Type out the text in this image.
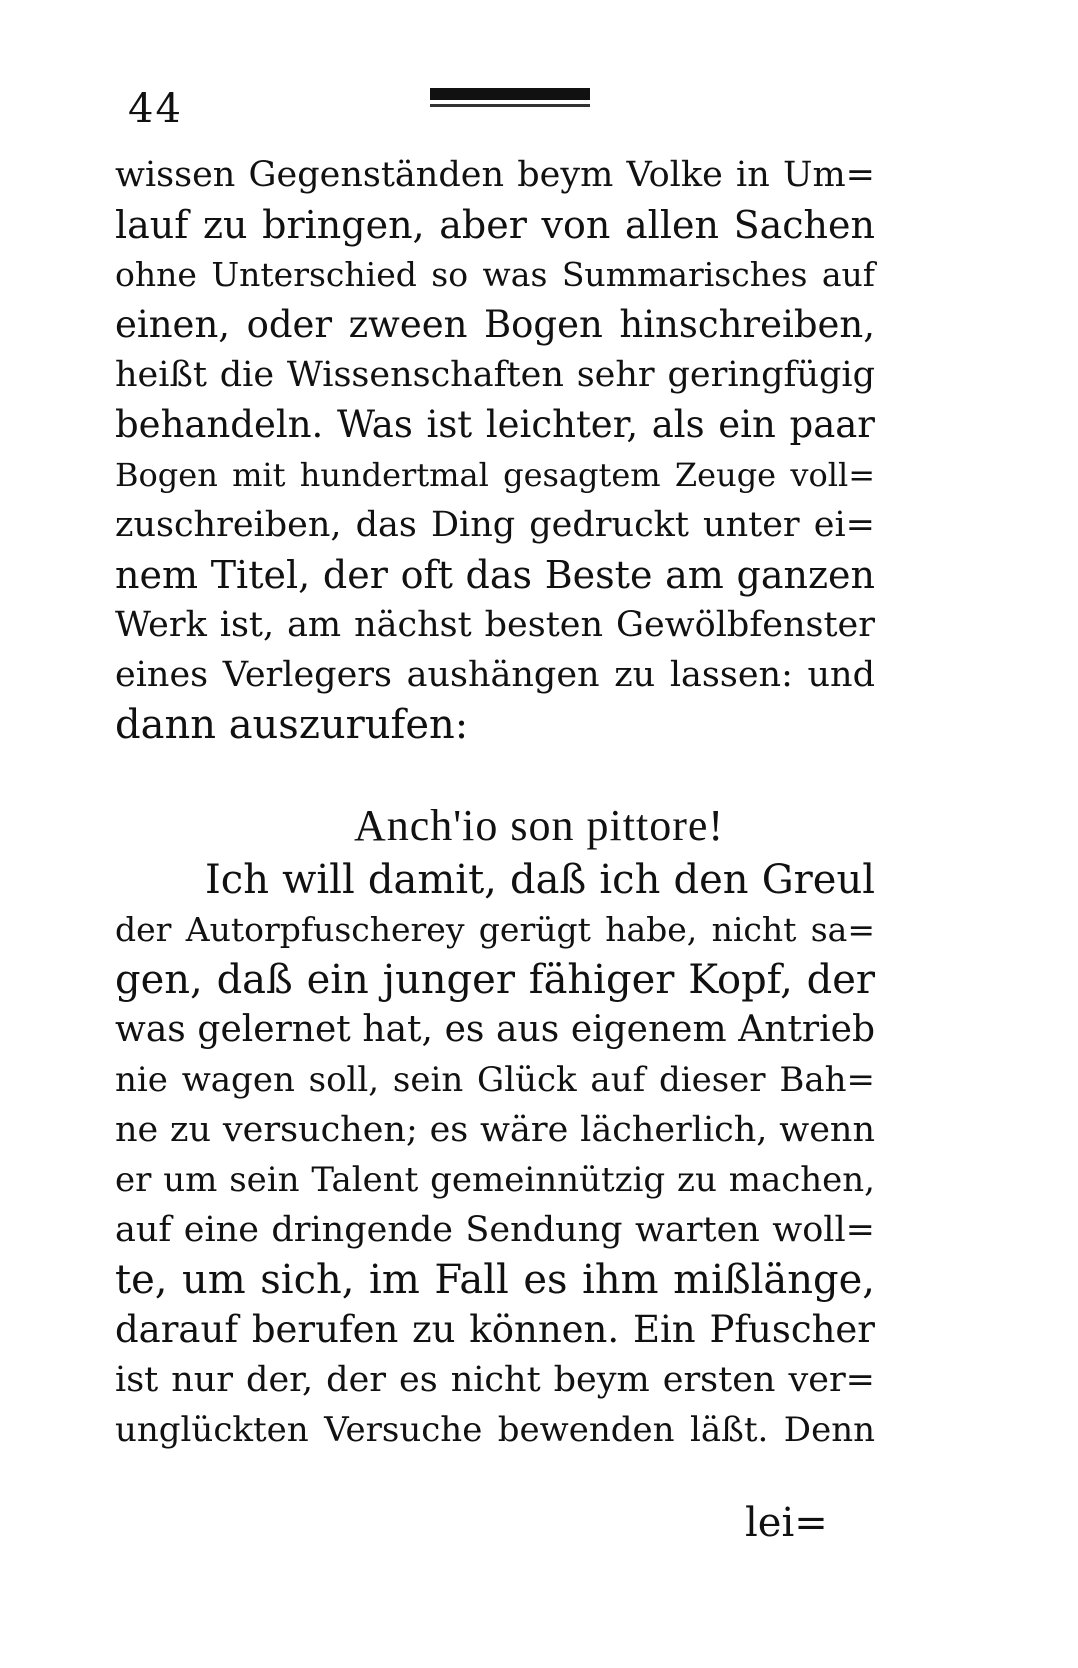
44
wissen Gegenständen beym Volke in Um=
lauf zu bringen, aber von allen Sachen
ohne Unterschied so was Summarisches auf
einen, oder zween Bogen hinschreiben,
heißt die Wissenschaften sehr geringfügig
behandeln. Was ist leichter, als ein paar
Bogen mit hundertmal gesagtem Zeuge voll=
zuschreiben, das Ding gedruckt unter ei=
nem Titel, der oft das Beste am ganzen
Werk ist, am nächst besten Gewölbfenster
eines Verlegers aushängen zu lassen: und
dann auszurufen:
Anch'io son pittore!
Ich will damit, daß ich den Greul
der Autorpfuscherey gerügt habe, nicht sa=
gen, daß ein junger fähiger Kopf, der
was gelernet hat, es aus eigenem Antrieb
nie wagen soll, sein Glück auf dieser Bah=
ne zu versuchen; es wäre lächerlich, wenn
er um sein Talent gemeinnützig zu machen,
auf eine dringende Sendung warten woll=
te, um sich, im Fall es ihm mißlänge,
darauf berufen zu können. Ein Pfuscher
ist nur der, der es nicht beym ersten ver=
unglückten Versuche bewenden läßt. Denn
lei=
